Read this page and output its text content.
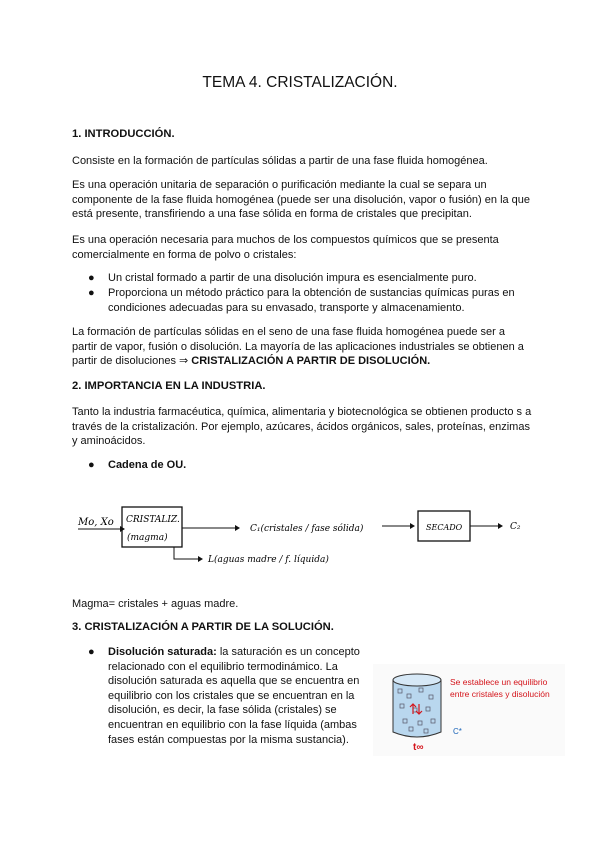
TEMA 4. CRISTALIZACIÓN.
1. INTRODUCCIÓN.
Consiste en la formación de partículas sólidas a partir de una fase fluida homogénea.
Es una operación unitaria de separación o purificación mediante la cual se separa un componente de la fase fluida homogénea (puede ser una disolución, vapor o fusión) en la que está presente, transfiriendo a una fase sólida en forma de cristales que precipitan.
Es una operación necesaria para muchos de los compuestos químicos que se presenta comercialmente en forma de polvo o cristales:
● Un cristal formado a partir de una disolución impura es esencialmente puro.
● Proporciona un método práctico para la obtención de sustancias químicas puras en condiciones adecuadas para su envasado, transporte y almacenamiento.
La formación de partículas sólidas en el seno de una fase fluida homogénea puede ser a partir de vapor, fusión o disolución. La mayoría de las aplicaciones industriales se obtienen a partir de disoluciones ⇒ CRISTALIZACIÓN A PARTIR DE DISOLUCIÓN.
2. IMPORTANCIA EN LA INDUSTRIA.
Tanto la industria farmacéutica, química, alimentaria y biotecnológica se obtienen producto s a través de la cristalización. Por ejemplo, azúcares, ácidos orgánicos, sales, proteínas, enzimas y aminoácidos.
● Cadena de OU.
Mo, Xo CRISTALIZ.
(magma)
C₁(cristales / fase sólida)	SECADO	C₂
L(aguas madre / f. líquida)
Magma= cristales + aguas madre.
3. CRISTALIZACIÓN A PARTIR DE LA SOLUCIÓN.
● Disolución saturada: la saturación es un concepto relacionado con el equilibrio termodinámico. La disolución saturada es aquella que se encuentra en equilibrio con los cristales que se encuentran en la disolución, es decir, la fase sólida (cristales) se encuentran en equilibrio con la fase líquida (ambas fases están compuestas por la misma sustancia).
t∞
C*
Se establece un equilibrio entre cristales y disolución
